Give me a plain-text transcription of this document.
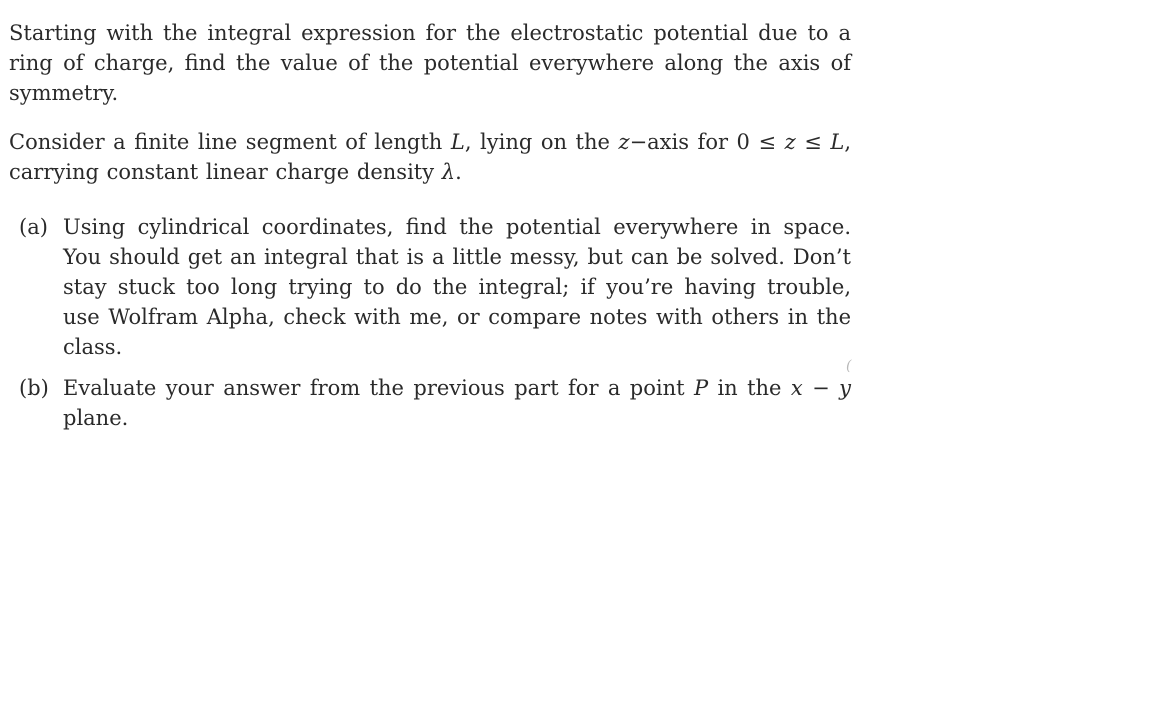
Starting with the integral expression for the electrostatic potential due to a ring of charge, find the value of the potential everywhere along the axis of symmetry.

Consider a finite line segment of length L, lying on the z−axis for 0 ≤ z ≤ L, carrying constant linear charge density λ.

(a) Using cylindrical coordinates, find the potential everywhere in space. You should get an integral that is a little messy, but can be solved. Don’t stay stuck too long trying to do the integral; if you’re having trouble, use Wolfram Alpha, check with me, or compare notes with others in the class.
(b) Evaluate your answer from the previous part for a point P in the x − y plane.
(
